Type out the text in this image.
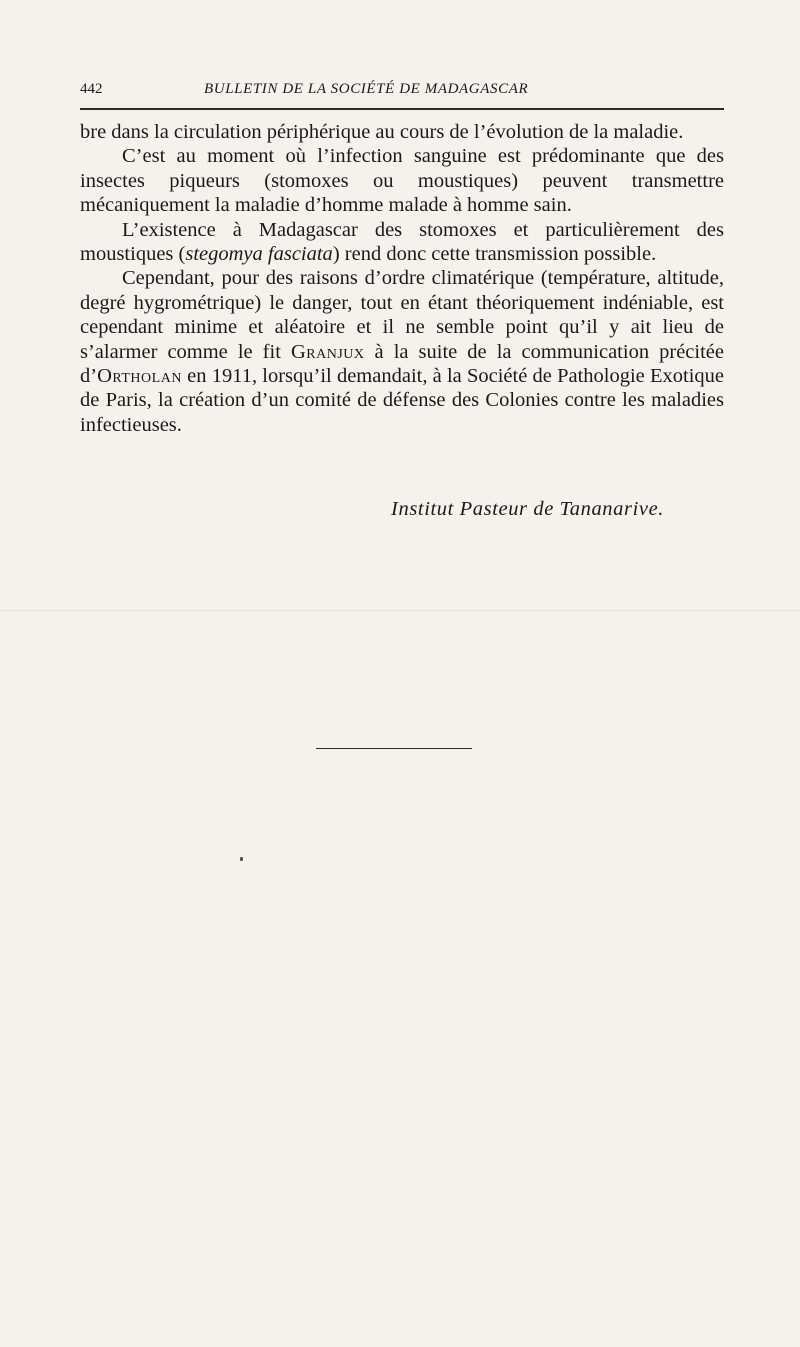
442	BULLETIN DE LA SOCIÉTÉ DE MADAGASCAR

bre dans la circulation périphérique au cours de l’évolution de la maladie.

C’est au moment où l’infection sanguine est prédominante que des insectes piqueurs (stomoxes ou moustiques) peuvent transmettre mécaniquement la maladie d’homme malade à homme sain.

L’existence à Madagascar des stomoxes et particulièrement des moustiques (stegomya fasciata) rend donc cette transmission possible.

Cependant, pour des raisons d’ordre climatérique (température, altitude, degré hygrométrique) le danger, tout en étant théoriquement indéniable, est cependant minime et aléatoire et il ne semble point qu’il y ait lieu de s’alarmer comme le fit Granjux à la suite de la communication précitée d’Ortholan en 1911, lorsqu’il demandait, à la Société de Pathologie Exotique de Paris, la création d’un comité de défense des Colonies contre les maladies infectieuses.

Institut Pasteur de Tananarive.
